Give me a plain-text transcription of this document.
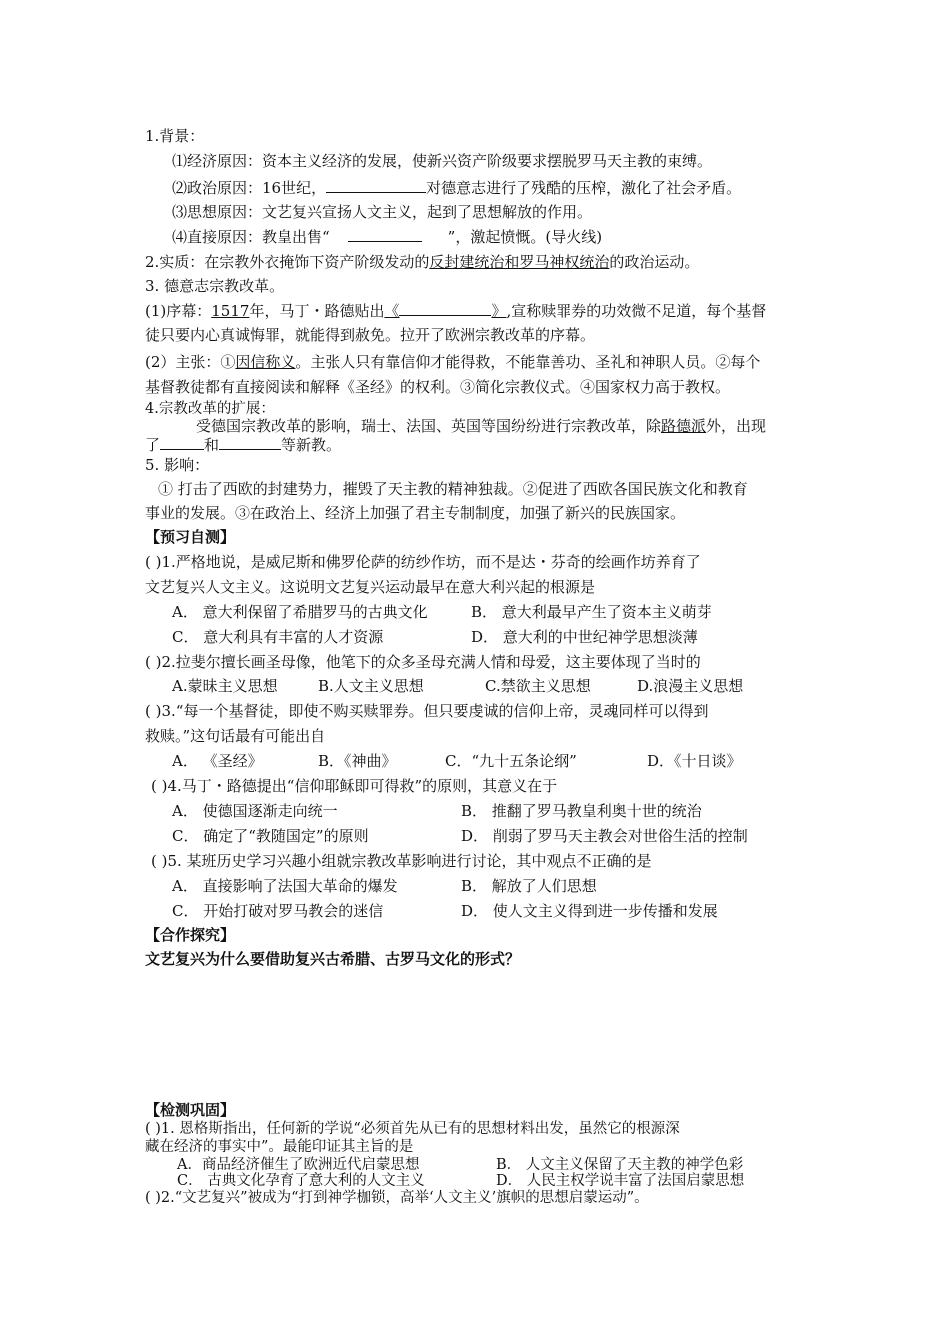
1.背景：
⑴经济原因：资本主义经济的发展，使新兴资产阶级要求摆脱罗马天主教的束缚。
⑵政治原因：16世纪，	对德意志进行了残酷的压榨，激化了社会矛盾。
⑶思想原因：文艺复兴宣扬人文主义，起到了思想解放的作用。
⑷直接原因：教皇出售“	”，激起愤慨。(导火线)
2.实质：在宗教外衣掩饰下资产阶级发动的反封建统治和罗马神权统治的政治运动。
3. 德意志宗教改革。
(1)序幕：1517年，马丁・路德贴出《	》,宣称赎罪券的功效微不足道，每个基督
徒只要内心真诚悔罪，就能得到赦免。拉开了欧洲宗教改革的序幕。
(2）主张：①因信称义。主张人只有靠信仰才能得救，不能靠善功、圣礼和神职人员。②每个
基督教徒都有直接阅读和解释《圣经》的权利。③简化宗教仪式。④国家权力高于教权。
4.宗教改革的扩展：
受德国宗教改革的影响，瑞士、法国、英国等国纷纷进行宗教改革，除路德派外，出现
了	和	等新教。
5. 影响：
① 打击了西欧的封建势力，摧毁了天主教的精神独裁。②促进了西欧各国民族文化和教育
事业的发展。③在政治上、经济上加强了君主专制制度，加强了新兴的民族国家。
【预习自测】
( )1.严格地说，是威尼斯和佛罗伦萨的纺纱作坊，而不是达・芬奇的绘画作坊养育了
文艺复兴人文主义。这说明文艺复兴运动最早在意大利兴起的根源是
A． 意大利保留了希腊罗马的古典文化	B． 意大利最早产生了资本主义萌芽
C． 意大利具有丰富的人才资源	D． 意大利的中世纪神学思想淡薄
( )2.拉斐尔擅长画圣母像，他笔下的众多圣母充满人情和母爱，这主要体现了当时的
A.蒙昧主义思想	B.人文主义思想	C.禁欲主义思想	D.浪漫主义思想
( )3.“每一个基督徒，即使不购买赎罪券。但只要虔诚的信仰上帝，灵魂同样可以得到
救赎。”这句话最有可能出自
A． 《圣经》	B．《神曲》	C．“九十五条论纲”	D．《十日谈》
( )4.马丁・路德提出“信仰耶稣即可得救”的原则，其意义在于
A． 使德国逐渐走向统一	B． 推翻了罗马教皇利奥十世的统治
C． 确定了“教随国定”的原则	D． 削弱了罗马天主教会对世俗生活的控制
( )5. 某班历史学习兴趣小组就宗教改革影响进行讨论，其中观点不正确的是
A． 直接影响了法国大革命的爆发	B． 解放了人们思想
C． 开始打破对罗马教会的迷信	D． 使人文主义得到进一步传播和发展
【合作探究】
文艺复兴为什么要借助复兴古希腊、古罗马文化的形式？
【检测巩固】
( )1. 恩格斯指出，任何新的学说“必须首先从已有的思想材料出发，虽然它的根源深
藏在经济的事实中”。最能印证其主旨的是
A．商品经济催生了欧洲近代启蒙思想	B． 人文主义保留了天主教的神学色彩
C． 古典文化孕育了意大利的人文主义	D． 人民主权学说丰富了法国启蒙思想
( )2.“文艺复兴”被成为“打到神学枷锁，高举‘人文主义’旗帜的思想启蒙运动”。
